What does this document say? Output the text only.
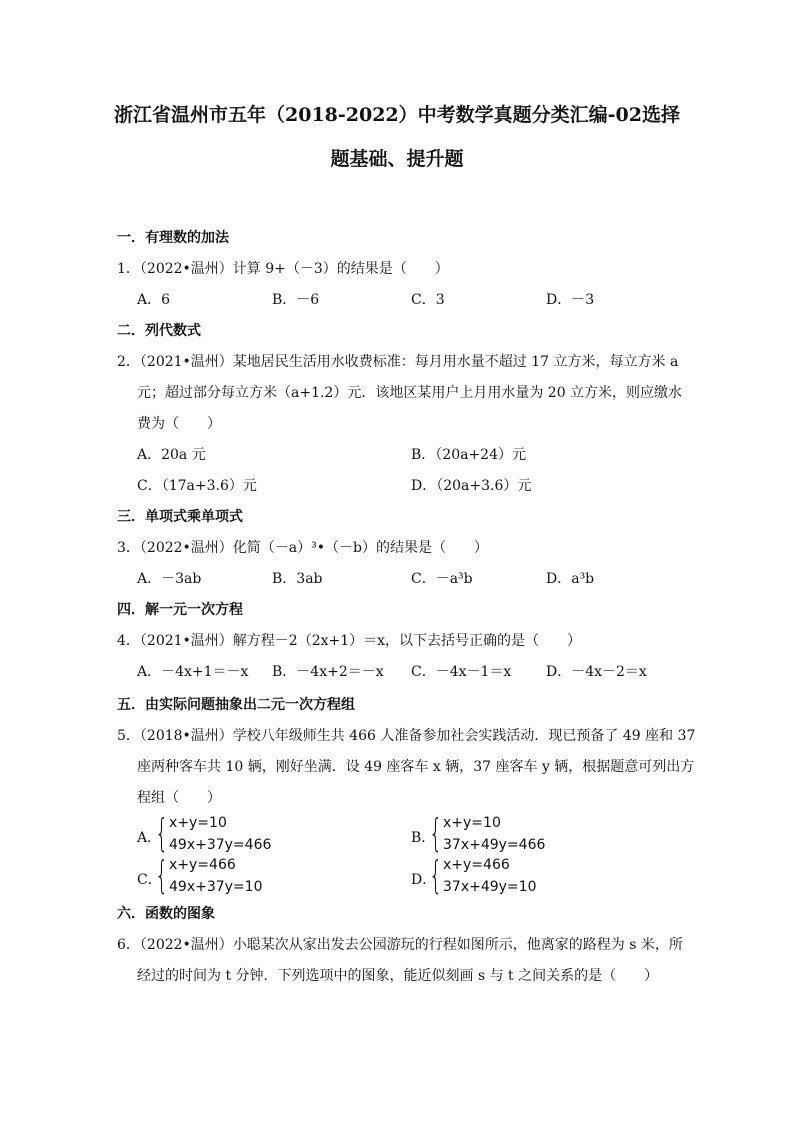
浙江省温州市五年（2018-2022）中考数学真题分类汇编-02选择
题基础、提升题
一．有理数的加法
1．（2022•温州）计算 9+（－3）的结果是（　　）
A．6	B．－6	C．3	D．－3
二．列代数式
2．（2021•温州）某地居民生活用水收费标准：每月用水量不超过 17 立方米，每立方米 a
元；超过部分每立方米（a+1.2）元．该地区某用户上月用水量为 20 立方米，则应缴水
费为（　　）
A．20a 元	B．（20a+24）元
C．（17a+3.6）元	D．（20a+3.6）元
三．单项式乘单项式
3．（2022•温州）化简（－a）³•（－b）的结果是（　　）
A．－3ab	B．3ab	C．－a³b	D．a³b
四．解一元一次方程
4．（2021•温州）解方程－2（2x+1）＝x，以下去括号正确的是（　　）
A．－4x+1＝－x B．－4x+2＝－x C．－4x－1＝x D．－4x－2＝x
五．由实际问题抽象出二元一次方程组
5．（2018•温州）学校八年级师生共 466 人准备参加社会实践活动．现已预备了 49 座和 37
座两种客车共 10 辆，刚好坐满．设 49 座客车 x 辆，37 座客车 y 辆，根据题意可列出方
程组（　　）
A．
{ x+y=10
49x+37y=466	B．
{ x+y=10
37x+49y=466
C．
{ x+y=466
49x+37y=10	D．
{ x+y=466
37x+49y=10
六．函数的图象
6．（2022•温州）小聪某次从家出发去公园游玩的行程如图所示，他离家的路程为 s 米，所
经过的时间为 t 分钟．下列选项中的图象，能近似刻画 s 与 t 之间关系的是（　　）
